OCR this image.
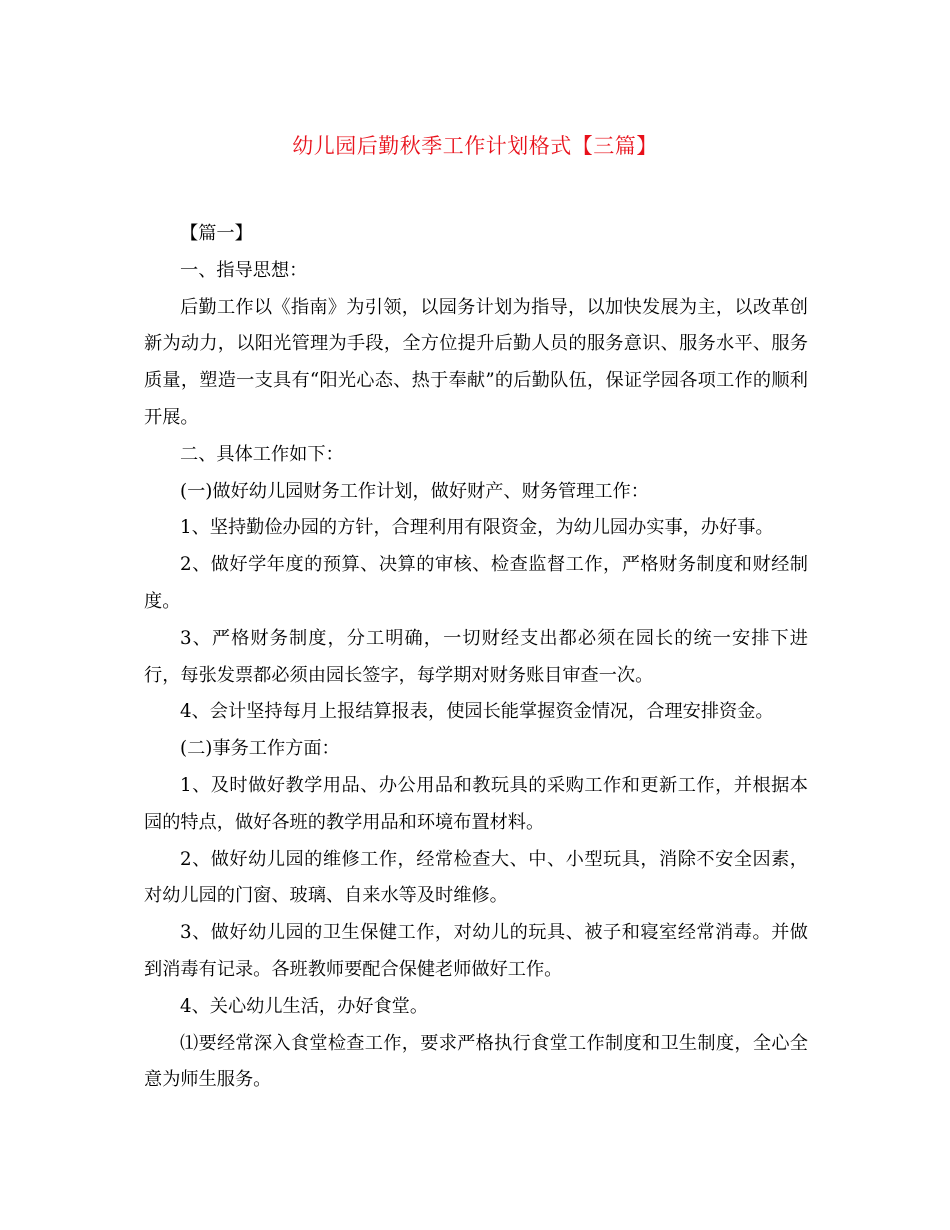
幼儿园后勤秋季工作计划格式【三篇】

【篇一】

一、指导思想：

后勤工作以《指南》为引领，以园务计划为指导，以加快发展为主，以改革创新为动力，以阳光管理为手段，全方位提升后勤人员的服务意识、服务水平、服务质量，塑造一支具有“阳光心态、热于奉献”的后勤队伍，保证学园各项工作的顺利开展。

二、具体工作如下：

(一)做好幼儿园财务工作计划，做好财产、财务管理工作：

1、坚持勤俭办园的方针，合理利用有限资金，为幼儿园办实事，办好事。

2、做好学年度的预算、决算的审核、检查监督工作，严格财务制度和财经制度。

3、严格财务制度，分工明确，一切财经支出都必须在园长的统一安排下进行，每张发票都必须由园长签字，每学期对财务账目审查一次。

4、会计坚持每月上报结算报表，使园长能掌握资金情况，合理安排资金。

(二)事务工作方面：

1、及时做好教学用品、办公用品和教玩具的采购工作和更新工作，并根据本园的特点，做好各班的教学用品和环境布置材料。

2、做好幼儿园的维修工作，经常检查大、中、小型玩具，消除不安全因素，对幼儿园的门窗、玻璃、自来水等及时维修。

3、做好幼儿园的卫生保健工作，对幼儿的玩具、被子和寝室经常消毒。并做到消毒有记录。各班教师要配合保健老师做好工作。

4、关心幼儿生活，办好食堂。

⑴要经常深入食堂检查工作，要求严格执行食堂工作制度和卫生制度，全心全意为师生服务。
